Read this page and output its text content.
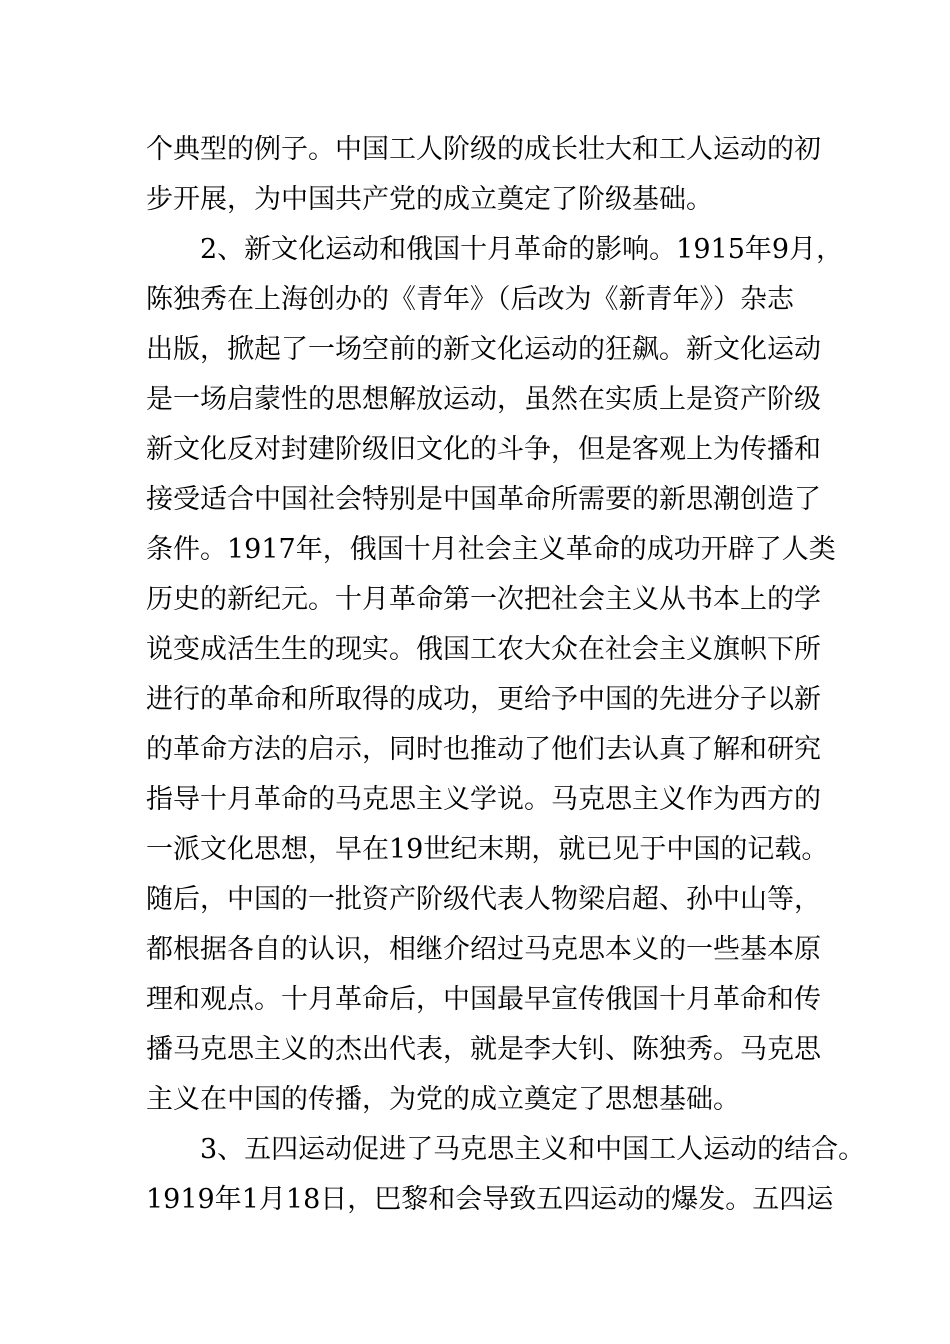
个典型的例子。中国工人阶级的成长壮大和工人运动的初
步开展，为中国共产党的成立奠定了阶级基础。
2、新文化运动和俄国十月革命的影响。1915年9月，
陈独秀在上海创办的《青年》（后改为《新青年》）杂志
出版，掀起了一场空前的新文化运动的狂飙。新文化运动
是一场启蒙性的思想解放运动，虽然在实质上是资产阶级
新文化反对封建阶级旧文化的斗争，但是客观上为传播和
接受适合中国社会特别是中国革命所需要的新思潮创造了
条件。1917年，俄国十月社会主义革命的成功开辟了人类
历史的新纪元。十月革命第一次把社会主义从书本上的学
说变成活生生的现实。俄国工农大众在社会主义旗帜下所
进行的革命和所取得的成功，更给予中国的先进分子以新
的革命方法的启示，同时也推动了他们去认真了解和研究
指导十月革命的马克思主义学说。马克思主义作为西方的
一派文化思想，早在19世纪末期，就已见于中国的记载。
随后，中国的一批资产阶级代表人物梁启超、孙中山等，
都根据各自的认识，相继介绍过马克思本义的一些基本原
理和观点。十月革命后，中国最早宣传俄国十月革命和传
播马克思主义的杰出代表，就是李大钊、陈独秀。马克思
主义在中国的传播，为党的成立奠定了思想基础。
3、五四运动促进了马克思主义和中国工人运动的结合。
1919年1月18日，巴黎和会导致五四运动的爆发。五四运
